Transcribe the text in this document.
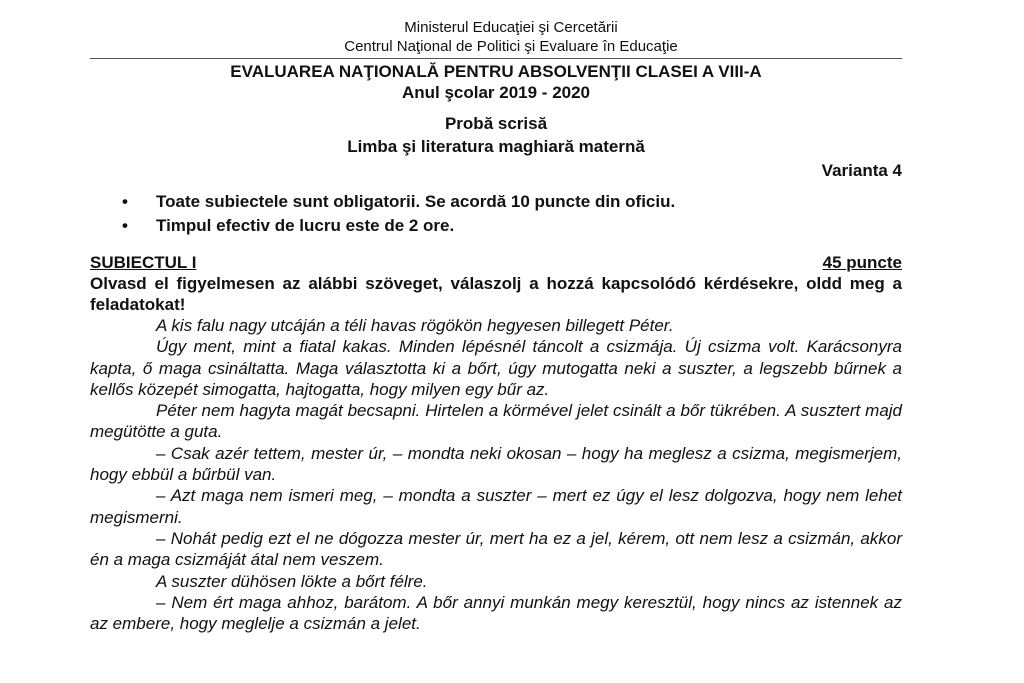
Ministerul Educaţiei şi Cercetării
Centrul Naţional de Politici şi Evaluare în Educaţie
EVALUAREA NAŢIONALĂ PENTRU ABSOLVENŢII CLASEI A VIII-A
Anul şcolar 2019 - 2020
Probă scrisă
Limba şi literatura maghiară maternă
Varianta 4
• Toate subiectele sunt obligatorii. Se acordă 10 puncte din oficiu.
• Timpul efectiv de lucru este de 2 ore.
SUBIECTUL I	45 puncte
Olvasd el figyelmesen az alábbi szöveget, válaszolj a hozzá kapcsolódó kérdésekre, oldd meg a feladatokat!

A kis falu nagy utcáján a téli havas rögökön hegyesen billegett Péter.

Úgy ment, mint a fiatal kakas. Minden lépésnél táncolt a csizmája. Új csizma volt. Karácsonyra kapta, ő maga csináltatta. Maga választotta ki a bőrt, úgy mutogatta neki a suszter, a legszebb bűrnek a kellős közepét simogatta, hajtogatta, hogy milyen egy bűr az.

Péter nem hagyta magát becsapni. Hirtelen a körmével jelet csinált a bőr tükrében. A susztert majd megütötte a guta.

– Csak azér tettem, mester úr, – mondta neki okosan – hogy ha meglesz a csizma, megismerjem, hogy ebbül a bűrbül van.

– Azt maga nem ismeri meg, – mondta a suszter – mert ez úgy el lesz dolgozva, hogy nem lehet megismerni.

– Nohát pedig ezt el ne dógozza mester úr, mert ha ez a jel, kérem, ott nem lesz a csizmán, akkor én a maga csizmáját átal nem veszem.

A suszter dühösen lökte a bőrt félre.

– Nem ért maga ahhoz, barátom. A bőr annyi munkán megy keresztül, hogy nincs az istennek az az embere, hogy meglelje a csizmán a jelet.
